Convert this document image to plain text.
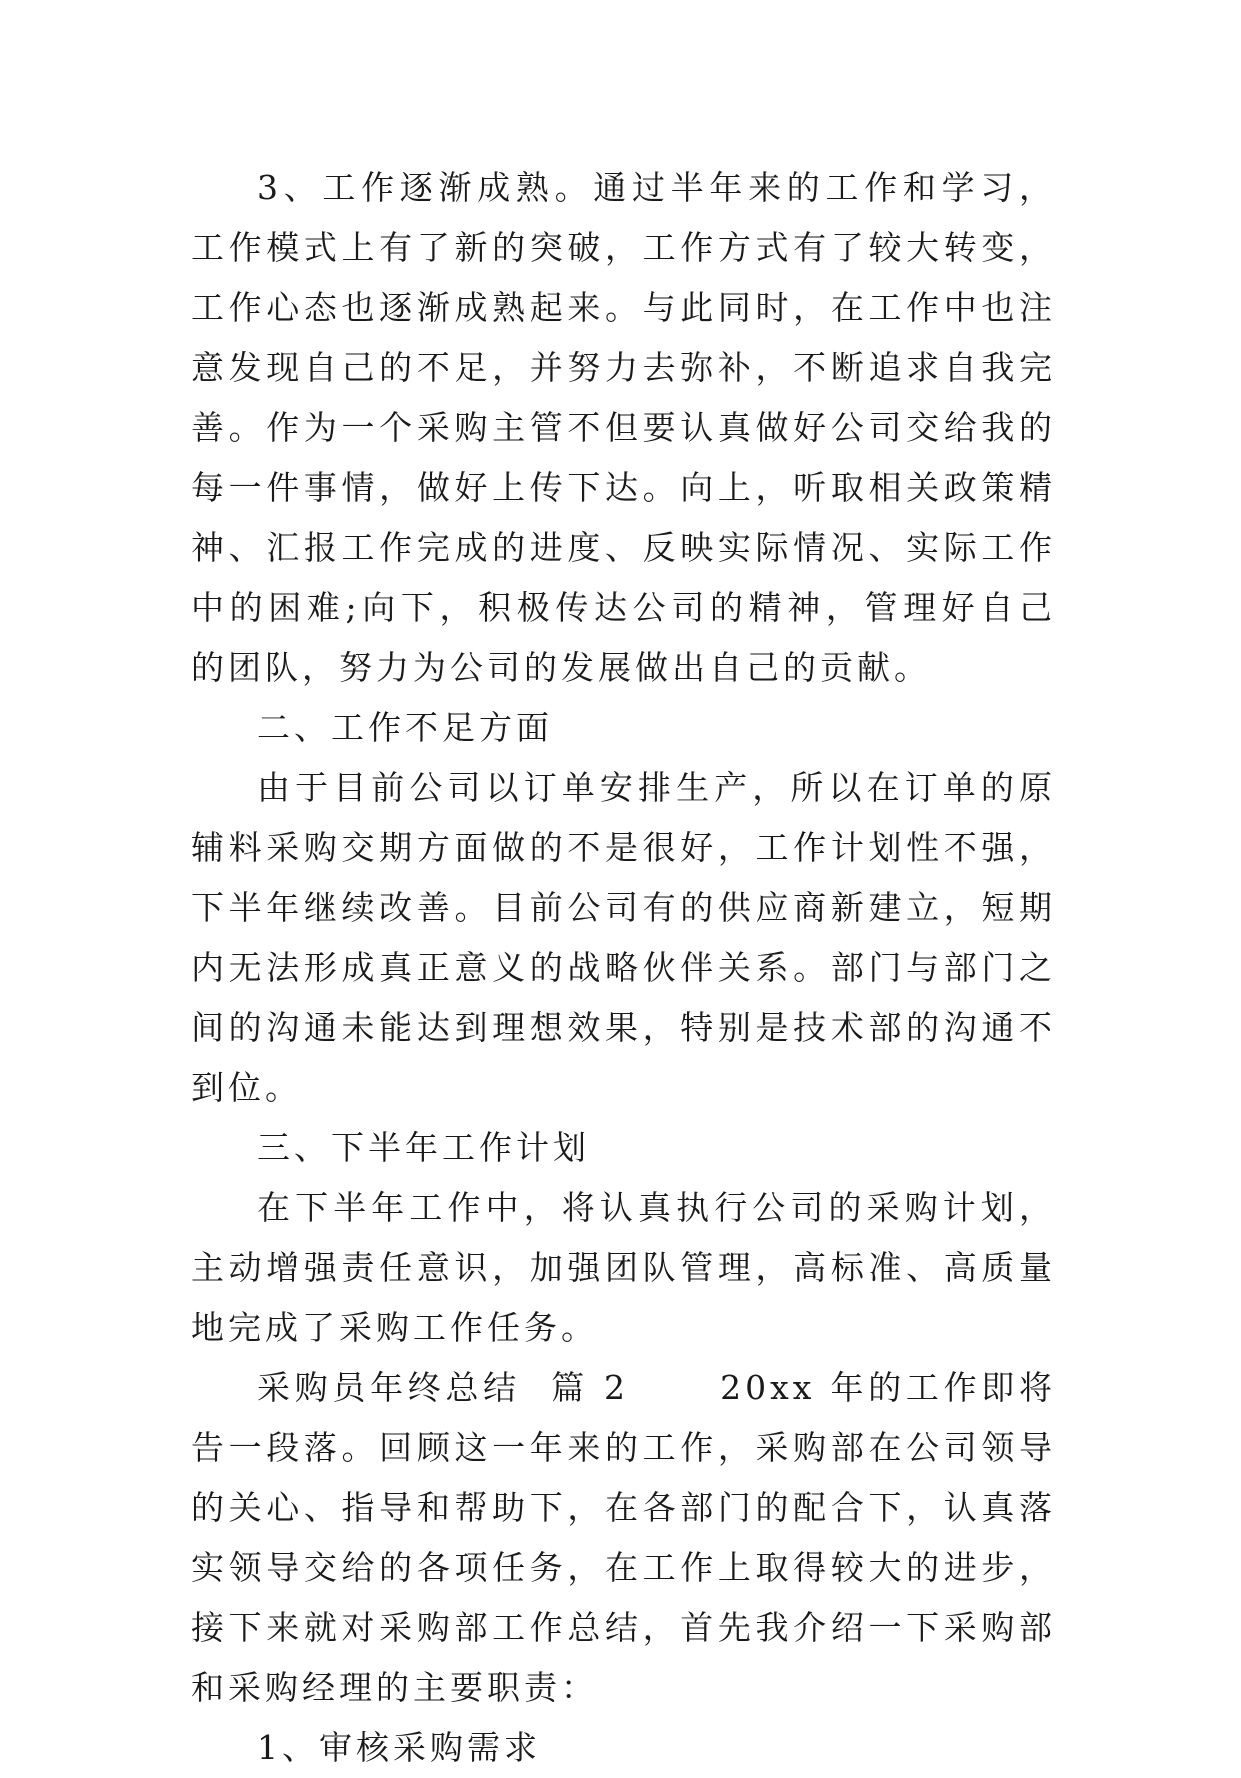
3、工作逐渐成熟。通过半年来的工作和学习，工作模式上有了新的突破，工作方式有了较大转变，工作心态也逐渐成熟起来。与此同时，在工作中也注意发现自己的不足，并努力去弥补，不断追求自我完善。作为一个采购主管不但要认真做好公司交给我的每一件事情，做好上传下达。向上，听取相关政策精神、汇报工作完成的进度、反映实际情况、实际工作中的困难;向下，积极传达公司的精神，管理好自己的团队，努力为公司的发展做出自己的贡献。

二、工作不足方面

由于目前公司以订单安排生产，所以在订单的原辅料采购交期方面做的不是很好，工作计划性不强，下半年继续改善。目前公司有的供应商新建立，短期内无法形成真正意义的战略伙伴关系。部门与部门之间的沟通未能达到理想效果，特别是技术部的沟通不到位。

三、下半年工作计划

在下半年工作中，将认真执行公司的采购计划，主动增强责任意识，加强团队管理，高标准、高质量地完成了采购工作任务。

采购员年终总结  篇 2	20xx 年的工作即将告一段落。回顾这一年来的工作，采购部在公司领导的关心、指导和帮助下，在各部门的配合下，认真落实领导交给的各项任务，在工作上取得较大的进步，接下来就对采购部工作总结，首先我介绍一下采购部和采购经理的主要职责：

1、审核采购需求
